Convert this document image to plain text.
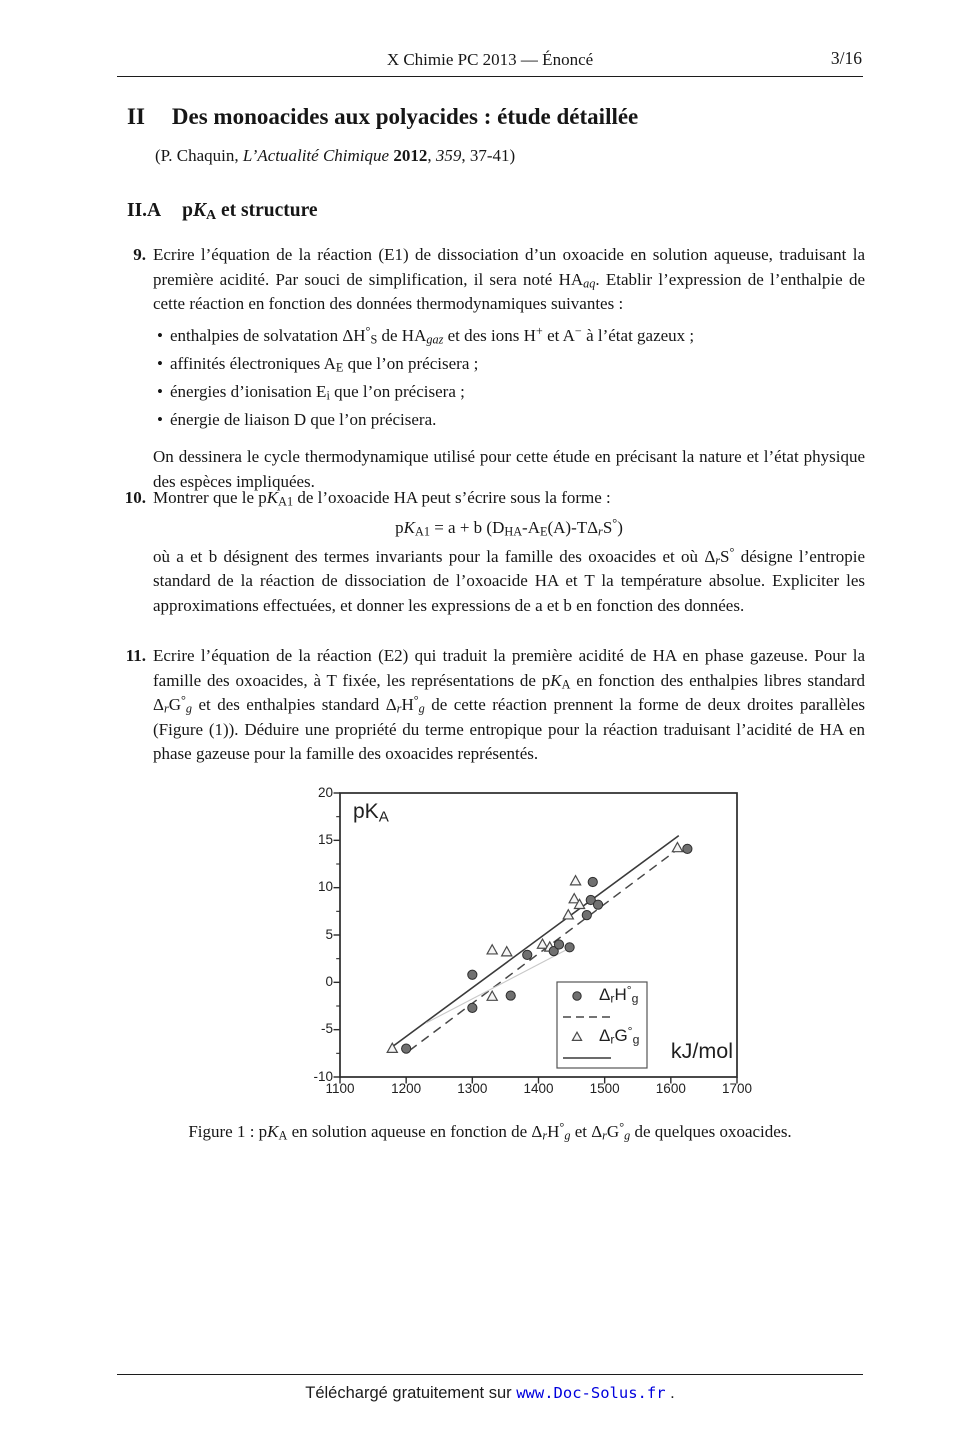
X Chimie PC 2013 — Énoncé	3/16
II Des monoacides aux polyacides : étude détaillée
(P. Chaquin, L’Actualité Chimique 2012, 359, 37-41)
II.A $pK_A$ et structure
9. Ecrire l’équation de la réaction (E1) de dissociation d’un oxoacide en solution aqueuse, traduisant la première acidité. Par souci de simplification, il sera noté $HA_{aq}$. Etablir l’expression de l’enthalpie de cette réaction en fonction des données thermodynamiques suivantes :
• enthalpies de solvatation $\Delta H^\circ_S$ de $HA_{gaz}$ et des ions H+ et A− à l’état gazeux ;
• affinités électroniques $A_E$ que l’on précisera ;
• énergies d’ionisation $E_i$ que l’on précisera ;
• énergie de liaison D que l’on précisera.
On dessinera le cycle thermodynamique utilisé pour cette étude en précisant la nature et l’état physique des espèces impliquées.
10. Montrer que le $pK_{A1}$ de l’oxoacide HA peut s’écrire sous la forme :
$pK_{A1} = a + b$ $(D_{HA}-A_E(A)-T\Delta_rS^\circ)$
où a et b désignent des termes invariants pour la famille des oxoacides et où $\Delta_rS^\circ$ désigne l’entropie standard de la réaction de dissociation de l’oxoacide HA et T la température absolue. Expliciter les approximations effectuées, et donner les expressions de a et b en fonction des données.
11. Ecrire l’équation de la réaction (E2) qui traduit la première acidité de HA en phase gazeuse. Pour la famille des oxoacides, à T fixée, les représentations de $pK_A$ en fonction des enthalpies libres standard $\Delta_rG^\circ_g$ et des enthalpies standard $\Delta_rH^\circ_g$ de cette réaction prennent la forme de deux droites parallèles (Figure (1)). Déduire une propriété du terme entropique pour la réaction traduisant l’acidité de HA en phase gazeuse pour la famille des oxoacides représentés.
1100	1200	1300	1400	1500	1600	1700
-10
-5
0
5
10
15
20
$pK_A$
kJ/mol
$\Delta_rH^\circ_g$
$\Delta_rG^\circ_g$
Figure 1 : $pK_A$ en solution aqueuse en fonction de $\Delta_rH^\circ_g$ et $\Delta_rG^\circ_g$ de quelques oxoacides.
Téléchargé gratuitement sur www.Doc-Solus.fr .
